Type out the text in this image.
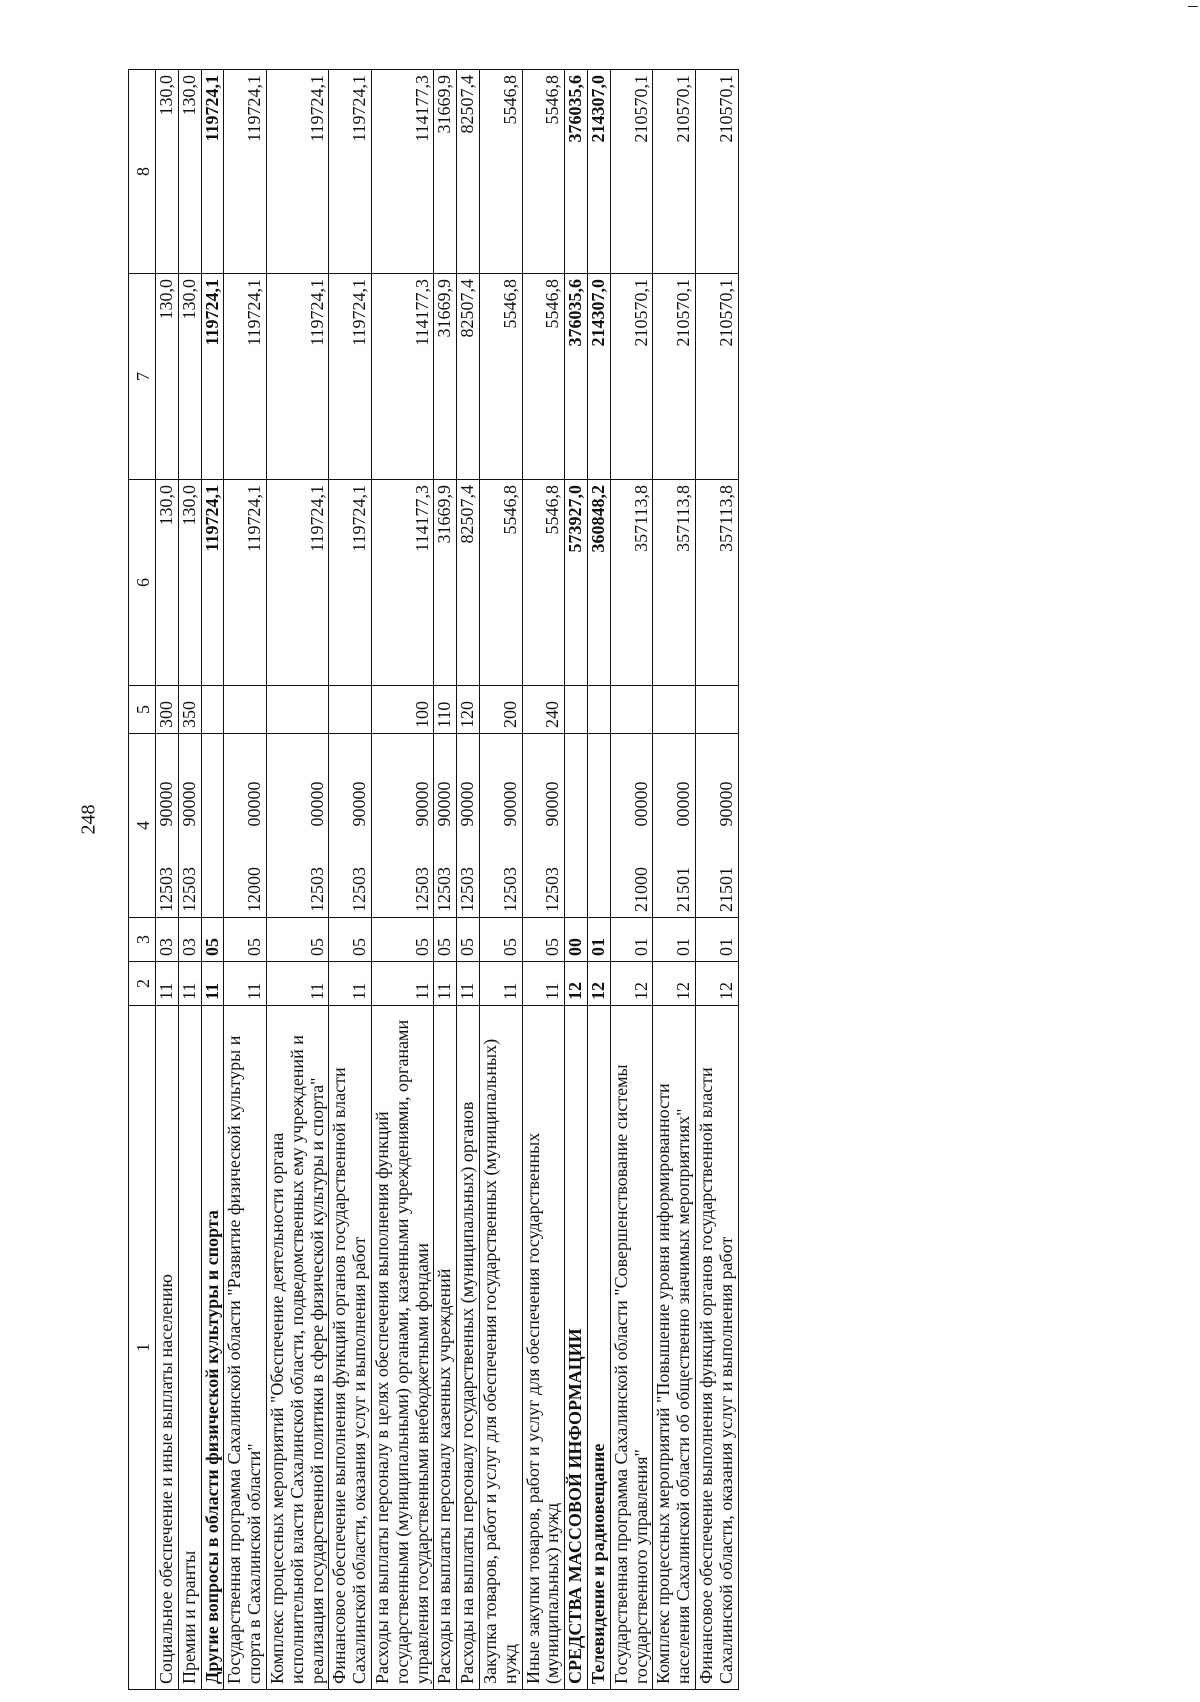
248
1	2	3	4		5	6	7	8
Социальное обеспечение и иные выплаты населению	11	03	12503	90000	300	130,0	130,0	130,0
Премии и гранты	11	03	12503	90000	350	130,0	130,0	130,0
Другие вопросы в области физической культуры и спорта	11	05				119724,1	119724,1	119724,1
Государственная программа Сахалинской области "Развитие физической культуры и спорта в Сахалинской области"	11	05	12000	00000		119724,1	119724,1	119724,1
Комплекс процессных мероприятий "Обеспечение деятельности органа исполнительной власти Сахалинской области, подведомственных ему учреждений и реализация государственной политики в сфере физической культуры и спорта"	11	05	12503	00000		119724,1	119724,1	119724,1
Финансовое обеспечение выполнения функций органов государственной власти Сахалинской области, оказания услуг и выполнения работ	11	05	12503	90000		119724,1	119724,1	119724,1
Расходы на выплаты персоналу в целях обеспечения выполнения функций государственными (муниципальными) органами, казенными учреждениями, органами управления государственными внебюджетными фондами	11	05	12503	90000	100	114177,3	114177,3	114177,3
Расходы на выплаты персоналу казенных учреждений	11	05	12503	90000	110	31669,9	31669,9	31669,9
Расходы на выплаты персоналу государственных (муниципальных) органов	11	05	12503	90000	120	82507,4	82507,4	82507,4
Закупка товаров, работ и услуг для обеспечения государственных (муниципальных) нужд	11	05	12503	90000	200	5546,8	5546,8	5546,8
Иные закупки товаров, работ и услуг для обеспечения государственных (муниципальных) нужд	11	05	12503	90000	240	5546,8	5546,8	5546,8
СРЕДСТВА МАССОВОЙ ИНФОРМАЦИИ	12	00				573927,0	376035,6	376035,6
Телевидение и радиовещание	12	01				360848,2	214307,0	214307,0
Государственная программа Сахалинской области "Совершенствование системы государственного управления"	12	01	21000	00000		357113,8	210570,1	210570,1
Комплекс процессных мероприятий "Повышение уровня информированности населения Сахалинской области об общественно значимых мероприятиях"	12	01	21501	00000		357113,8	210570,1	210570,1
Финансовое обеспечение выполнения функций органов государственной власти Сахалинской области, оказания услуг и выполнения работ	12	01	21501	90000		357113,8	210570,1	210570,1
